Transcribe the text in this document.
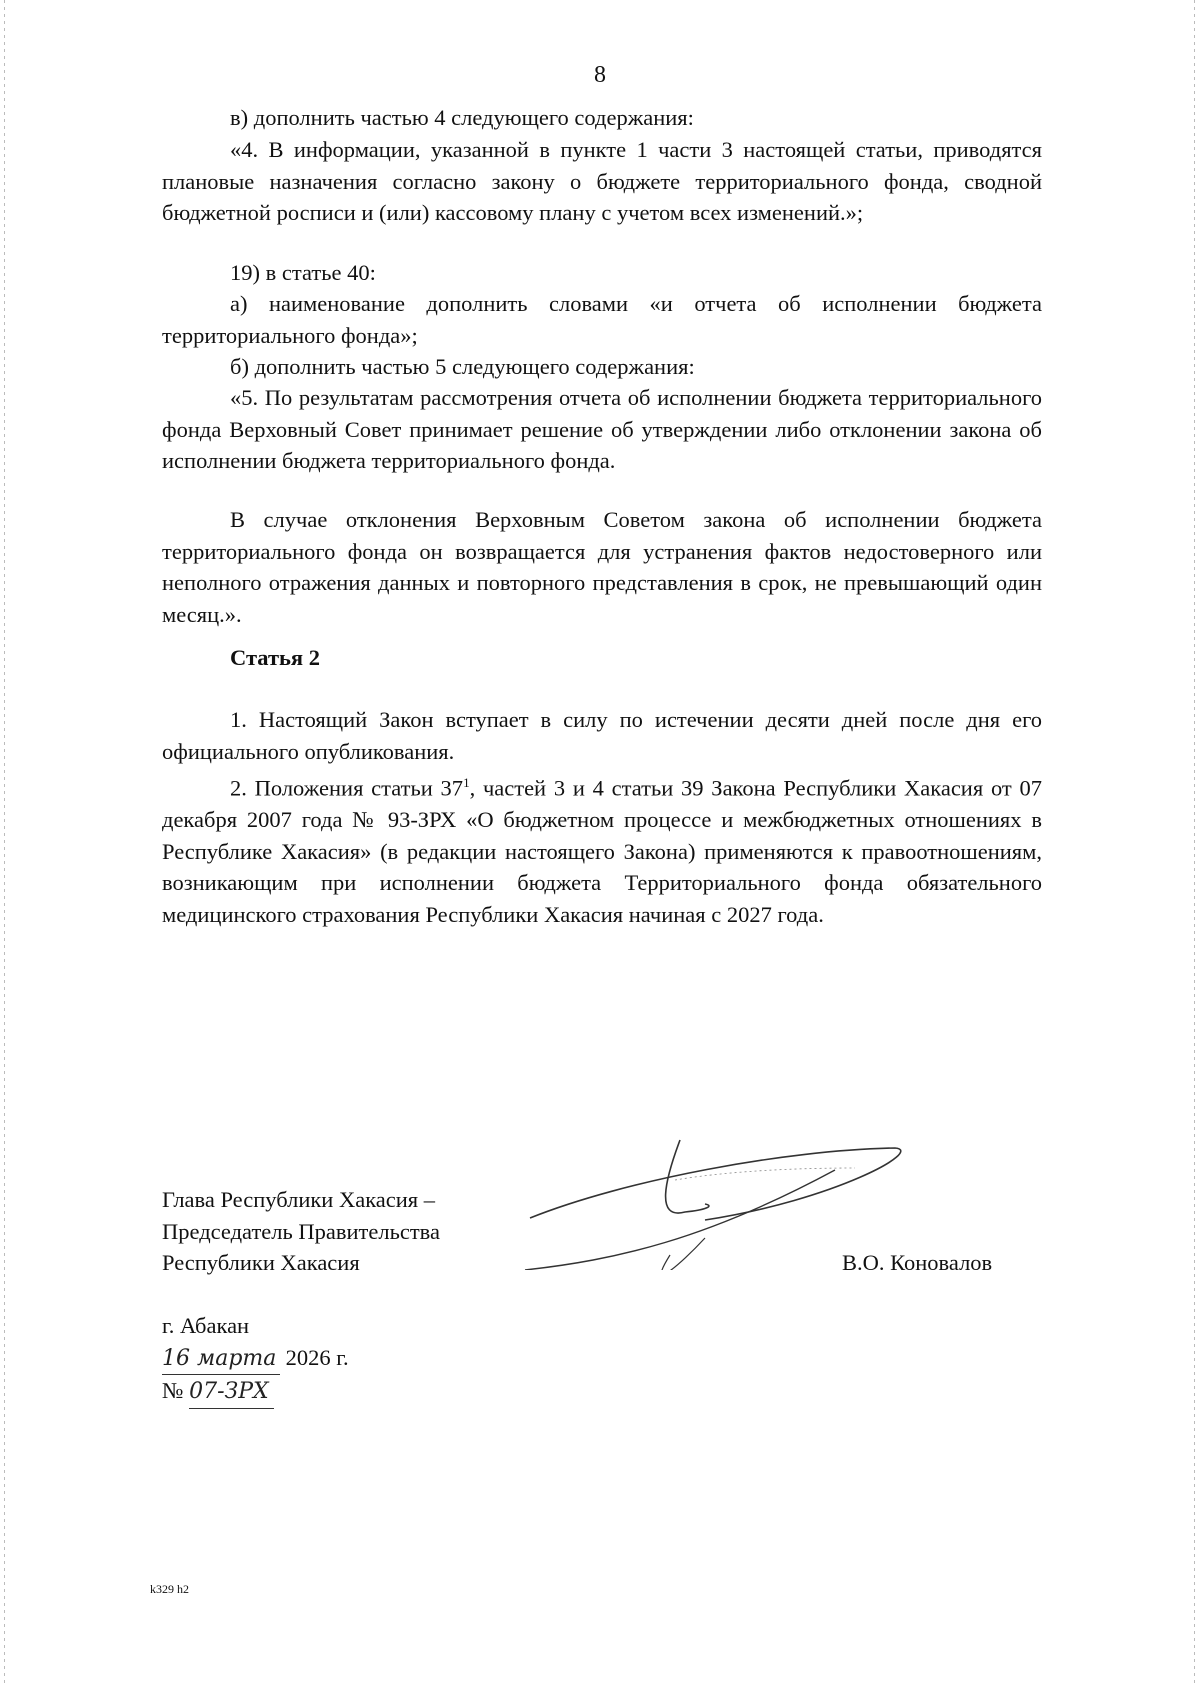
8
в) дополнить частью 4 следующего содержания:
«4. В информации, указанной в пункте 1 части 3 настоящей статьи, приводятся плановые назначения согласно закону о бюджете территориального фонда, сводной бюджетной росписи и (или) кассовому плану с учетом всех изменений.»;
19) в статье 40:
а) наименование дополнить словами «и отчета об исполнении бюджета территориального фонда»;
б) дополнить частью 5 следующего содержания:
«5. По результатам рассмотрения отчета об исполнении бюджета территориального фонда Верховный Совет принимает решение об утверждении либо отклонении закона об исполнении бюджета территориального фонда.
В случае отклонения Верховным Советом закона об исполнении бюджета территориального фонда он возвращается для устранения фактов недостоверного или неполного отражения данных и повторного представления в срок, не превышающий один месяц.».
Статья 2
1. Настоящий Закон вступает в силу по истечении десяти дней после дня его официального опубликования.
2. Положения статьи $37^1$, частей 3 и 4 статьи 39 Закона Республики Хакасия от 07 декабря 2007 года № 93-ЗРХ «О бюджетном процессе и межбюджетных отношениях в Республике Хакасия» (в редакции настоящего Закона) применяются к правоотношениям, возникающим при исполнении бюджета Территориального фонда обязательного медицинского страхования Республики Хакасия начиная с 2027 года.
Глава Республики Хакасия –
Председатель Правительства
Республики Хакасия	В.О. Коновалов
г. Абакан
16 марта 2026 г.
№ 07-ЗРХ
k329 h2
